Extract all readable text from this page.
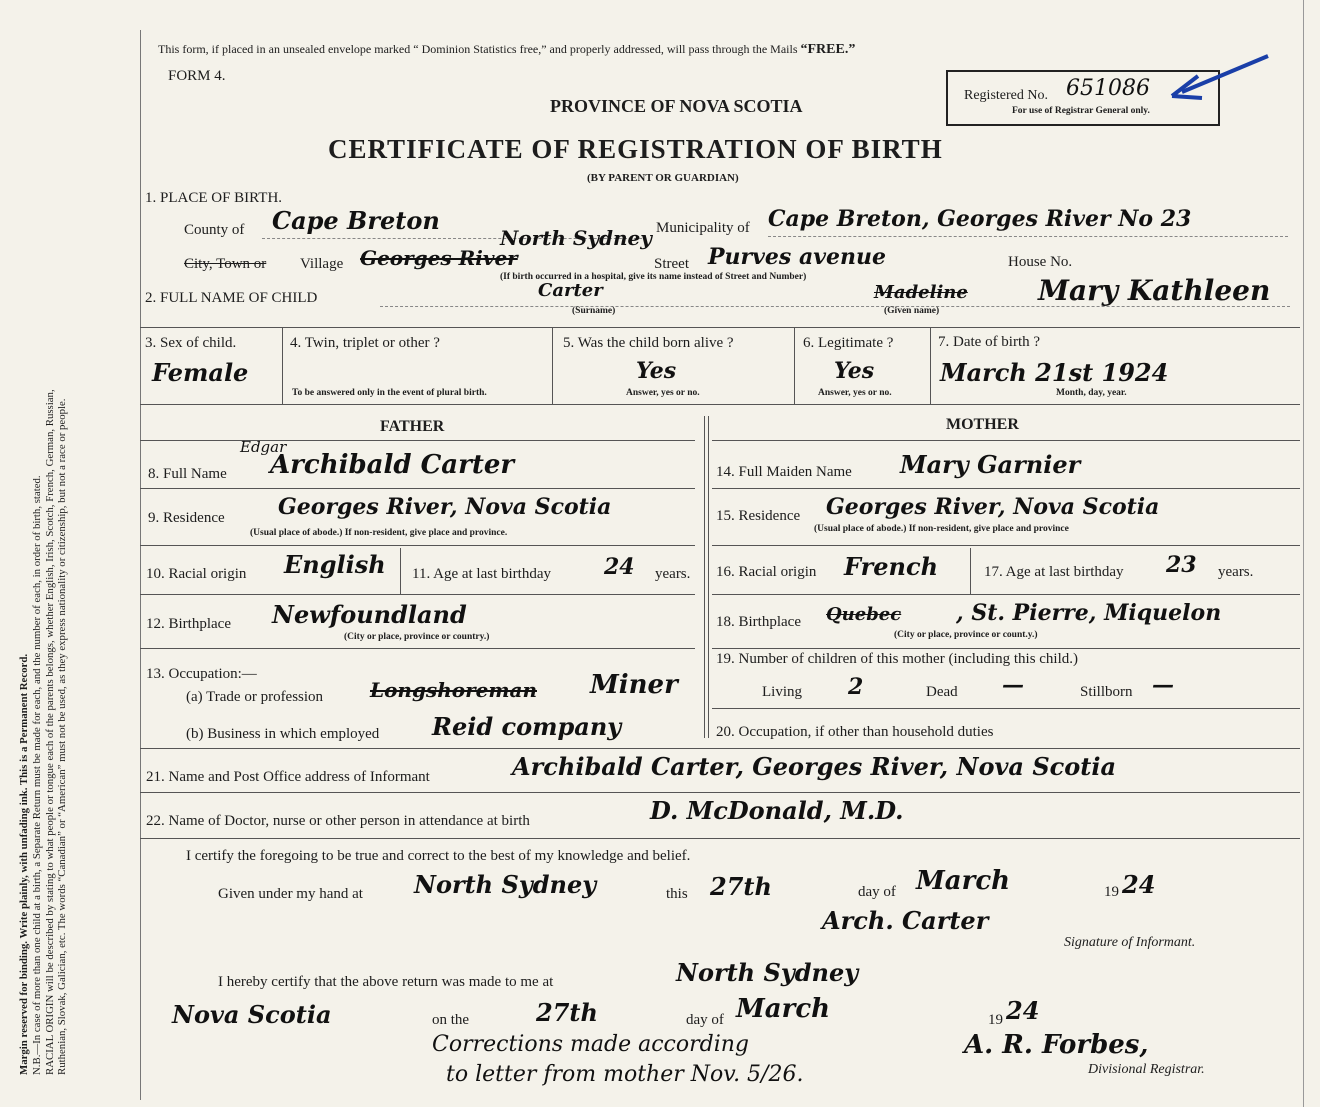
Margin reserved for binding. Write plainly, with unfading ink. This is a Permanent Record. N.B.—In case of more than one child at a birth, a Separate Return must be made for each, and the number of each, in order of birth, stated. RACIAL ORIGIN will be described by stating to what people or tongue each of the parents belongs, whether English, Irish, Scotch, French, German, Russian, Ruthenian, Slovak, Galician, etc. The words “Canadian” or “American” must not be used, as they express nationality or citizenship, but not a race or people.
This form, if placed in an unsealed envelope marked “ Dominion Statistics free,” and properly addressed, will pass through the Mails “FREE.”
FORM 4.
PROVINCE OF NOVA SCOTIA
CERTIFICATE OF REGISTRATION OF BIRTH
(BY PARENT OR GUARDIAN)
Registered No. 651086
For use of Registrar General only.
1. PLACE OF BIRTH.
County of Cape Breton	Municipality of Cape Breton, Georges River No 23
City, Town or Village Georges River
North Sydney
Street Purves avenue	House No.
(If birth occurred in a hospital, give its name instead of Street and Number)
2. FULL NAME OF CHILD	Carter
(Surname)
Madeline	Mary Kathleen
(Given name)
3. Sex of child.
Female
4. Twin, triplet or other ?
To be answered only in the event of plural birth.
5. Was the child born alive ?
Yes
Answer, yes or no.
6. Legitimate ?
Yes
Answer, yes or no.
7. Date of birth ?
March 21st 1924
Month, day, year.
FATHER	MOTHER
8. Full Name
Edgar
Archibald Carter	14. Full Maiden Name Mary Garnier
9. Residence Georges River, Nova Scotia
(Usual place of abode.) If non-resident, give place and province.
15. Residence Georges River, Nova Scotia
(Usual place of abode.) If non-resident, give place and province
10. Racial origin English 11. Age at last birthday 24 years. 16. Racial origin French	17. Age at last birthday 23 years.
12. Birthplace Newfoundland
(City or place, province or country.)
18. Birthplace Quebec , St. Pierre, Miquelon
(City or place, province or count.y.)
13. Occupation:—
(a) Trade or profession Longshoreman Miner
(b) Business in which employed Reid company
19. Number of children of this mother (including this child.)
Living 2	Dead —	Stillborn —
20. Occupation, if other than household duties
21. Name and Post Office address of Informant	Archibald Carter, Georges River, Nova Scotia
22. Name of Doctor, nurse or other person in attendance at birth	D. McDonald, M.D.
I certify the foregoing to be true and correct to the best of my knowledge and belief.
Given under my hand at North Sydney	this 27th	day of March	19 24
Arch. Carter
Signature of Informant.
I hereby certify that the above return was made to me at	North Sydney
Nova Scotia	on the	27th	day of March	19 24
A. R. Forbes,
Divisional Registrar.
Corrections made according
to letter from mother Nov. 5/26.
